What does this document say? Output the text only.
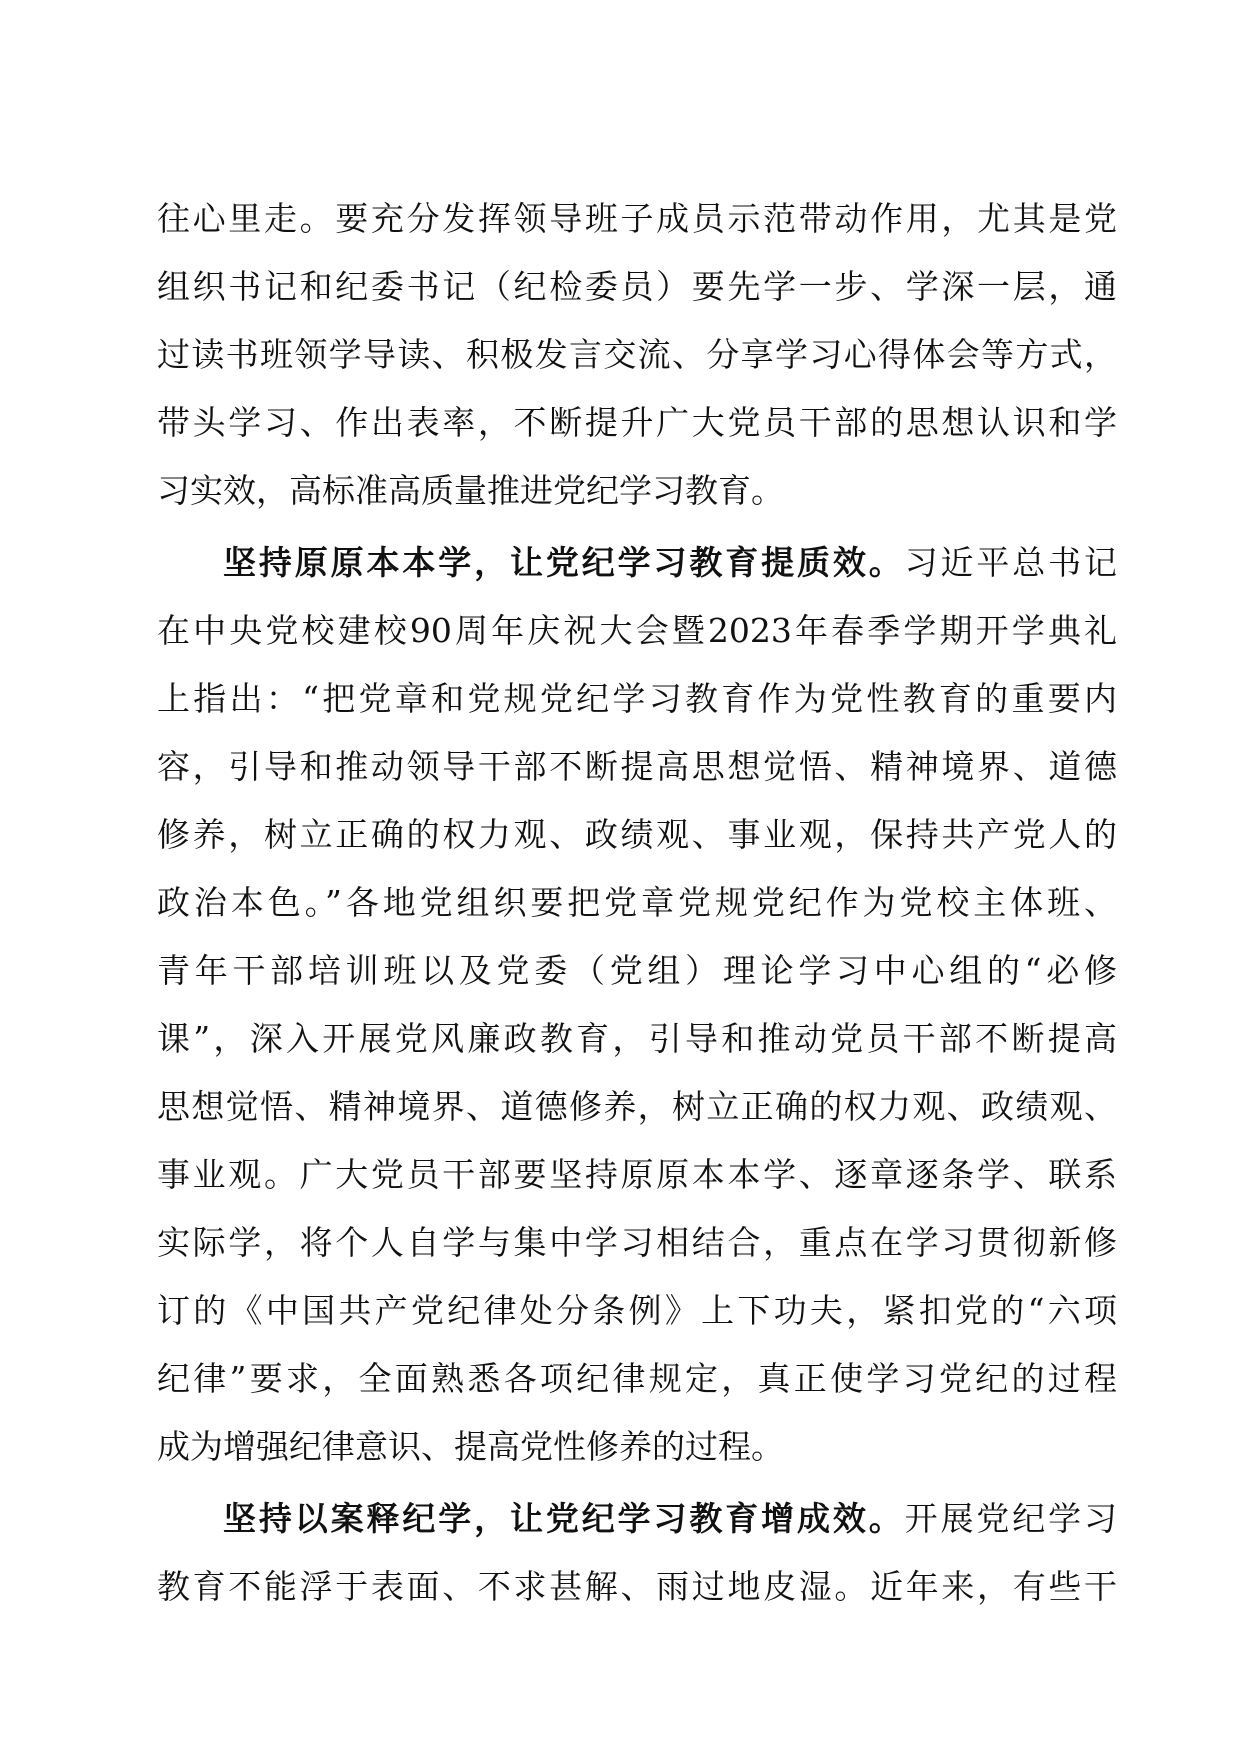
往心里走。要充分发挥领导班子成员示范带动作用，尤其是党
组织书记和纪委书记（纪检委员）要先学一步、学深一层，通
过读书班领学导读、积极发言交流、分享学习心得体会等方式，
带头学习、作出表率，不断提升广大党员干部的思想认识和学
习实效，高标准高质量推进党纪学习教育。
坚持原原本本学，让党纪学习教育提质效。习近平总书记
在中央党校建校90周年庆祝大会暨2023年春季学期开学典礼
上指出：“把党章和党规党纪学习教育作为党性教育的重要内
容，引导和推动领导干部不断提高思想觉悟、精神境界、道德
修养，树立正确的权力观、政绩观、事业观，保持共产党人的
政治本色。”各地党组织要把党章党规党纪作为党校主体班、
青年干部培训班以及党委（党组）理论学习中心组的“必修
课”，深入开展党风廉政教育，引导和推动党员干部不断提高
思想觉悟、精神境界、道德修养，树立正确的权力观、政绩观、
事业观。广大党员干部要坚持原原本本学、逐章逐条学、联系
实际学，将个人自学与集中学习相结合，重点在学习贯彻新修
订的《中国共产党纪律处分条例》上下功夫，紧扣党的“六项
纪律”要求，全面熟悉各项纪律规定，真正使学习党纪的过程
成为增强纪律意识、提高党性修养的过程。
坚持以案释纪学，让党纪学习教育增成效。开展党纪学习
教育不能浮于表面、不求甚解、雨过地皮湿。近年来，有些干
